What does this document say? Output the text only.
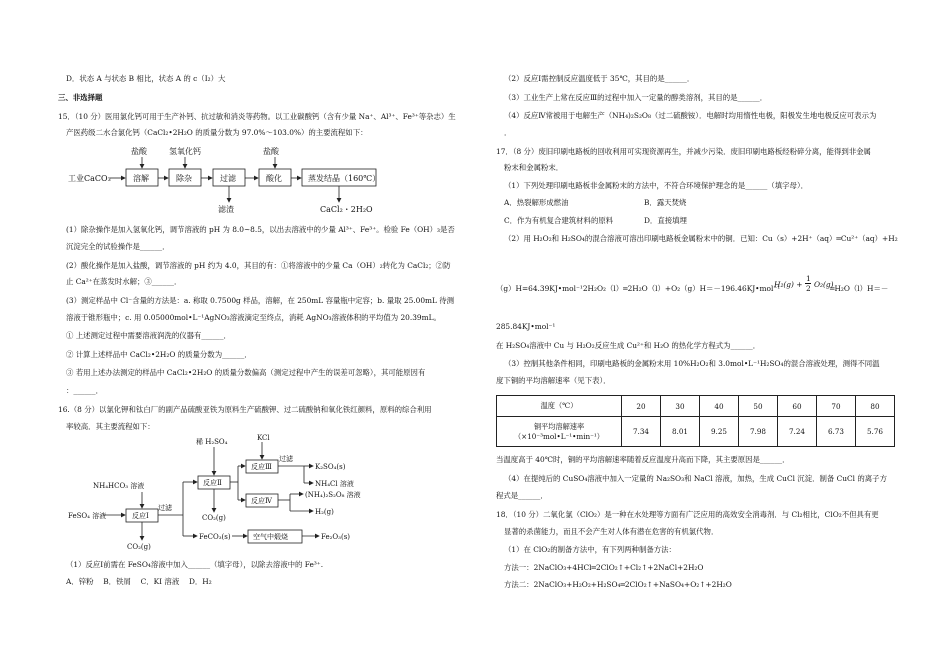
D．状态 A 与状态 B 相比，状态 A 的 c（I₂）大
三、非选择题
15．（10 分）医用氯化钙可用于生产补钙、抗过敏和消炎等药物。以工业碳酸钙（含有少量 Na⁺、Al³⁺、Fe³⁺等杂志）生
产医药级二水合氯化钙（CaCl₂•2H₂O 的质量分数为 97.0%～103.0%）的主要流程如下：
工业CaCO₃
盐酸	氢氧化钙	盐酸
溶解	除杂	过滤	酸化	蒸发结晶（160℃）
滤渣	CaCl₂・2H₂O
(1）除杂操作是加入氢氧化钙，调节溶液的 pH 为 8.0~8.5，以出去溶液中的少量 Al³⁺、Fe³⁺。检验 Fe（OH）₃是否
沉淀完全的试验操作是______．
(2）酸化操作是加入盐酸，调节溶液的 pH 约为 4.0，其目的有：①将溶液中的少量 Ca（OH）₂转化为 CaCl₂；②防
止 Ca²⁺在蒸发时水解；③______．
(3）测定样品中 Cl⁻含量的方法是：a. 称取 0.7500g 样品，溶解，在 250mL 容量瓶中定容；b. 量取 25.00mL 待测
溶液于锥形瓶中；c. 用 0.05000mol•L⁻¹AgNO₃溶液滴定至终点，消耗 AgNO₃溶液体积的平均值为 20.39mL。
① 上述测定过程中需要溶液润洗的仪器有______．
② 计算上述样品中 CaCl₂•2H₂O 的质量分数为______．
③ 若用上述办法测定的样品中 CaCl₂•2H₂O 的质量分数偏高（测定过程中产生的误差可忽略），其可能原因有
：______．
16.（8 分）以氯化钾和钛白厂的副产品硫酸亚铁为原料生产硫酸钾、过二硫酸钠和氧化铁红颜料，原料的综合利用
率较高．其主要流程如下：
稀 H₂SO₄	KCl
NH₄HCO₃ 溶液
FeSO₄ 溶液
过滤
过滤
反应Ⅰ
反应Ⅱ
反应Ⅲ
反应Ⅳ
K₂SO₄(s)
NH₄Cl 溶液
(NH₄)₂S₂O₈ 溶液
H₂(g)
CO₂(g)
CO₂(g)
FeCO₃(s)	空气中煅烧	Fe₂O₃(s)
（1）反应Ⅰ前需在 FeSO₄溶液中加入______（填字母），以除去溶液中的 Fe³⁺.
A．锌粉　 B．铁屑　 C．KI 溶液　 D．H₂
（2）反应Ⅰ需控制反应温度低于 35℃，其目的是______．
（3）工业生产上常在反应Ⅲ的过程中加入一定量的醇类溶剂，其目的是______．
（4）反应Ⅳ常被用于电解生产（NH₄)₂S₂O₈（过二硫酸铵）．电解时均用惰性电极，阳极发生地电极反应可表示为
．
17．（8 分）废旧印刷电路板的回收利用可实现资源再生，并减少污染．废旧印刷电路板经粉碎分离，能得到非金属
粉末和金属粉末．
（1）下列处理印刷电路板非金属粉末的方法中，不符合环境保护理念的是______（填字母）．
A．热裂解形成燃油	B．露天焚烧
C．作为有机复合建筑材料的原料	D．直接填埋
（2）用 H₂O₂和 H₂SO₄的混合溶液可溶出印刷电路板金属粉末中的铜．已知：Cu（s）+2H⁺（aq）═Cu²⁺（aq）+H₂
（g）H=64.39KJ•mol⁻¹2H₂O₂（l）═2H₂O（l）+O₂（g）H＝－196.46KJ•mol⁻¹
H₂(g) +
1
2 O₂(g)
═H₂O（l）H＝－
285.84KJ•mol⁻¹
在 H₂SO₄溶液中 Cu 与 H₂O₂反应生成 Cu²⁺和 H₂O 的热化学方程式为______．
（3）控制其他条件相同，印刷电路板的金属粉末用 10%H₂O₂和 3.0mol•L⁻¹H₂SO₄的混合溶液处理，测得不同温
度下铜的平均溶解速率（见下表）．
温度（℃）	20	30	40	50	60	70	80

铜平均溶解速率
（×10⁻³mol•L⁻¹•min⁻¹）	7.34	8.01	9.25	7.98	7.24	6.73	5.76
当温度高于 40℃时，铜的平均溶解速率随着反应温度升高而下降，其主要原因是______．
（4）在提纯后的 CuSO₄溶液中加入一定量的 Na₂SO₃和 NaCl 溶液，加热，生成 CuCl 沉淀．制备 CuCl 的离子方
程式是______．
18．（10 分）二氧化氯（ClO₂）是一种在水处理等方面有广泛应用的高效安全消毒剂．与 Cl₂相比，ClO₂不但具有更
显著的杀菌能力，而且不会产生对人体有潜在危害的有机氯代物．
（1）在 ClO₂的制备方法中，有下列两种制备方法：
方法一：2NaClO₃+4HCl═2ClO₂↑+Cl₂↑+2NaCl+2H₂O
方法二：2NaClO₃+H₂O₂+H₂SO₄═2ClO₂↑+NaSO₄+O₂↑+2H₂O
